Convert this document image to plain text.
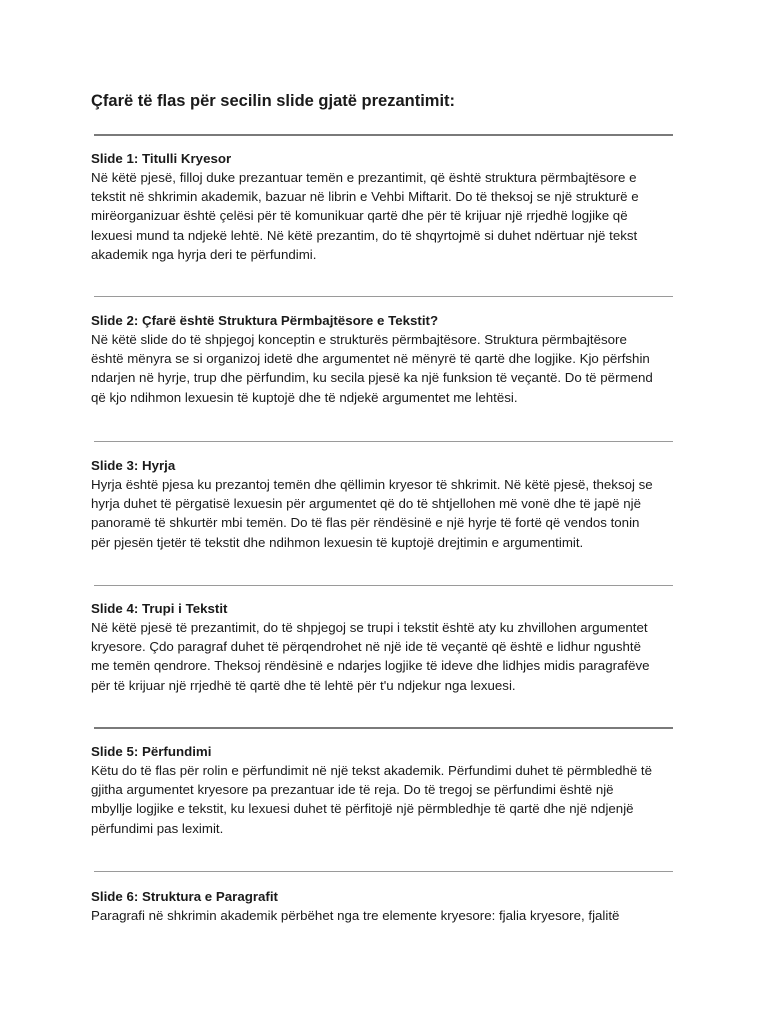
Çfarë të flas për secilin slide gjatë prezantimit:
Slide 1: Titulli Kryesor

Në këtë pjesë, filloj duke prezantuar temën e prezantimit, që është struktura përmbajtësore e
tekstit në shkrimin akademik, bazuar në librin e Vehbi Miftarit. Do të theksoj se një strukturë e
mirëorganizuar është çelësi për të komunikuar qartë dhe për të krijuar një rrjedhë logjike që
lexuesi mund ta ndjekë lehtë. Në këtë prezantim, do të shqyrtojmë si duhet ndërtuar një tekst
akademik nga hyrja deri te përfundimi.

Slide 2: Çfarë është Struktura Përmbajtësore e Tekstit?

Në këtë slide do të shpjegoj konceptin e strukturës përmbajtësore. Struktura përmbajtësore
është mënyra se si organizoj idetë dhe argumentet në mënyrë të qartë dhe logjike. Kjo përfshin
ndarjen në hyrje, trup dhe përfundim, ku secila pjesë ka një funksion të veçantë. Do të përmend
që kjo ndihmon lexuesin të kuptojë dhe të ndjekë argumentet me lehtësi.

Slide 3: Hyrja

Hyrja është pjesa ku prezantoj temën dhe qëllimin kryesor të shkrimit. Në këtë pjesë, theksoj se
hyrja duhet të përgatisë lexuesin për argumentet që do të shtjellohen më vonë dhe të japë një
panoramë të shkurtër mbi temën. Do të flas për rëndësinë e një hyrje të fortë që vendos tonin
për pjesën tjetër të tekstit dhe ndihmon lexuesin të kuptojë drejtimin e argumentimit.

Slide 4: Trupi i Tekstit

Në këtë pjesë të prezantimit, do të shpjegoj se trupi i tekstit është aty ku zhvillohen argumentet
kryesore. Çdo paragraf duhet të përqendrohet në një ide të veçantë që është e lidhur ngushtë
me temën qendrore. Theksoj rëndësinë e ndarjes logjike të ideve dhe lidhjes midis paragrafëve
për të krijuar një rrjedhë të qartë dhe të lehtë për t'u ndjekur nga lexuesi.

Slide 5: Përfundimi

Këtu do të flas për rolin e përfundimit në një tekst akademik. Përfundimi duhet të përmbledhë të
gjitha argumentet kryesore pa prezantuar ide të reja. Do të tregoj se përfundimi është një
mbyllje logjike e tekstit, ku lexuesi duhet të përfitojë një përmbledhje të qartë dhe një ndjenjë
përfundimi pas leximit.

Slide 6: Struktura e Paragrafit

Paragrafi në shkrimin akademik përbëhet nga tre elemente kryesore: fjalia kryesore, fjalitë
